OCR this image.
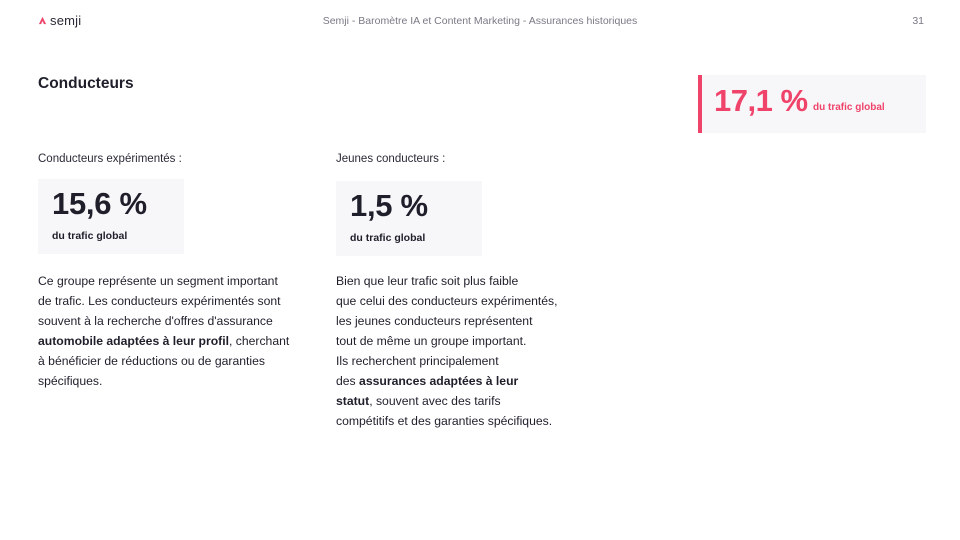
semji	Semji - Baromètre IA et Content Marketing - Assurances historiques	31
Conducteurs	17,1 % du trafic global
Conducteurs expérimentés :
15,6 %
du trafic global
Ce groupe représente un segment important
de trafic. Les conducteurs expérimentés sont
souvent à la recherche d'offres d'assurance
automobile adaptées à leur profil, cherchant
à bénéficier de réductions ou de garanties
spécifiques.
Jeunes conducteurs :
1,5 %
du trafic global
Bien que leur trafic soit plus faible
que celui des conducteurs expérimentés,
les jeunes conducteurs représentent
tout de même un groupe important.
Ils recherchent principalement
des assurances adaptées à leur
statut, souvent avec des tarifs
compétitifs et des garanties spécifiques.
